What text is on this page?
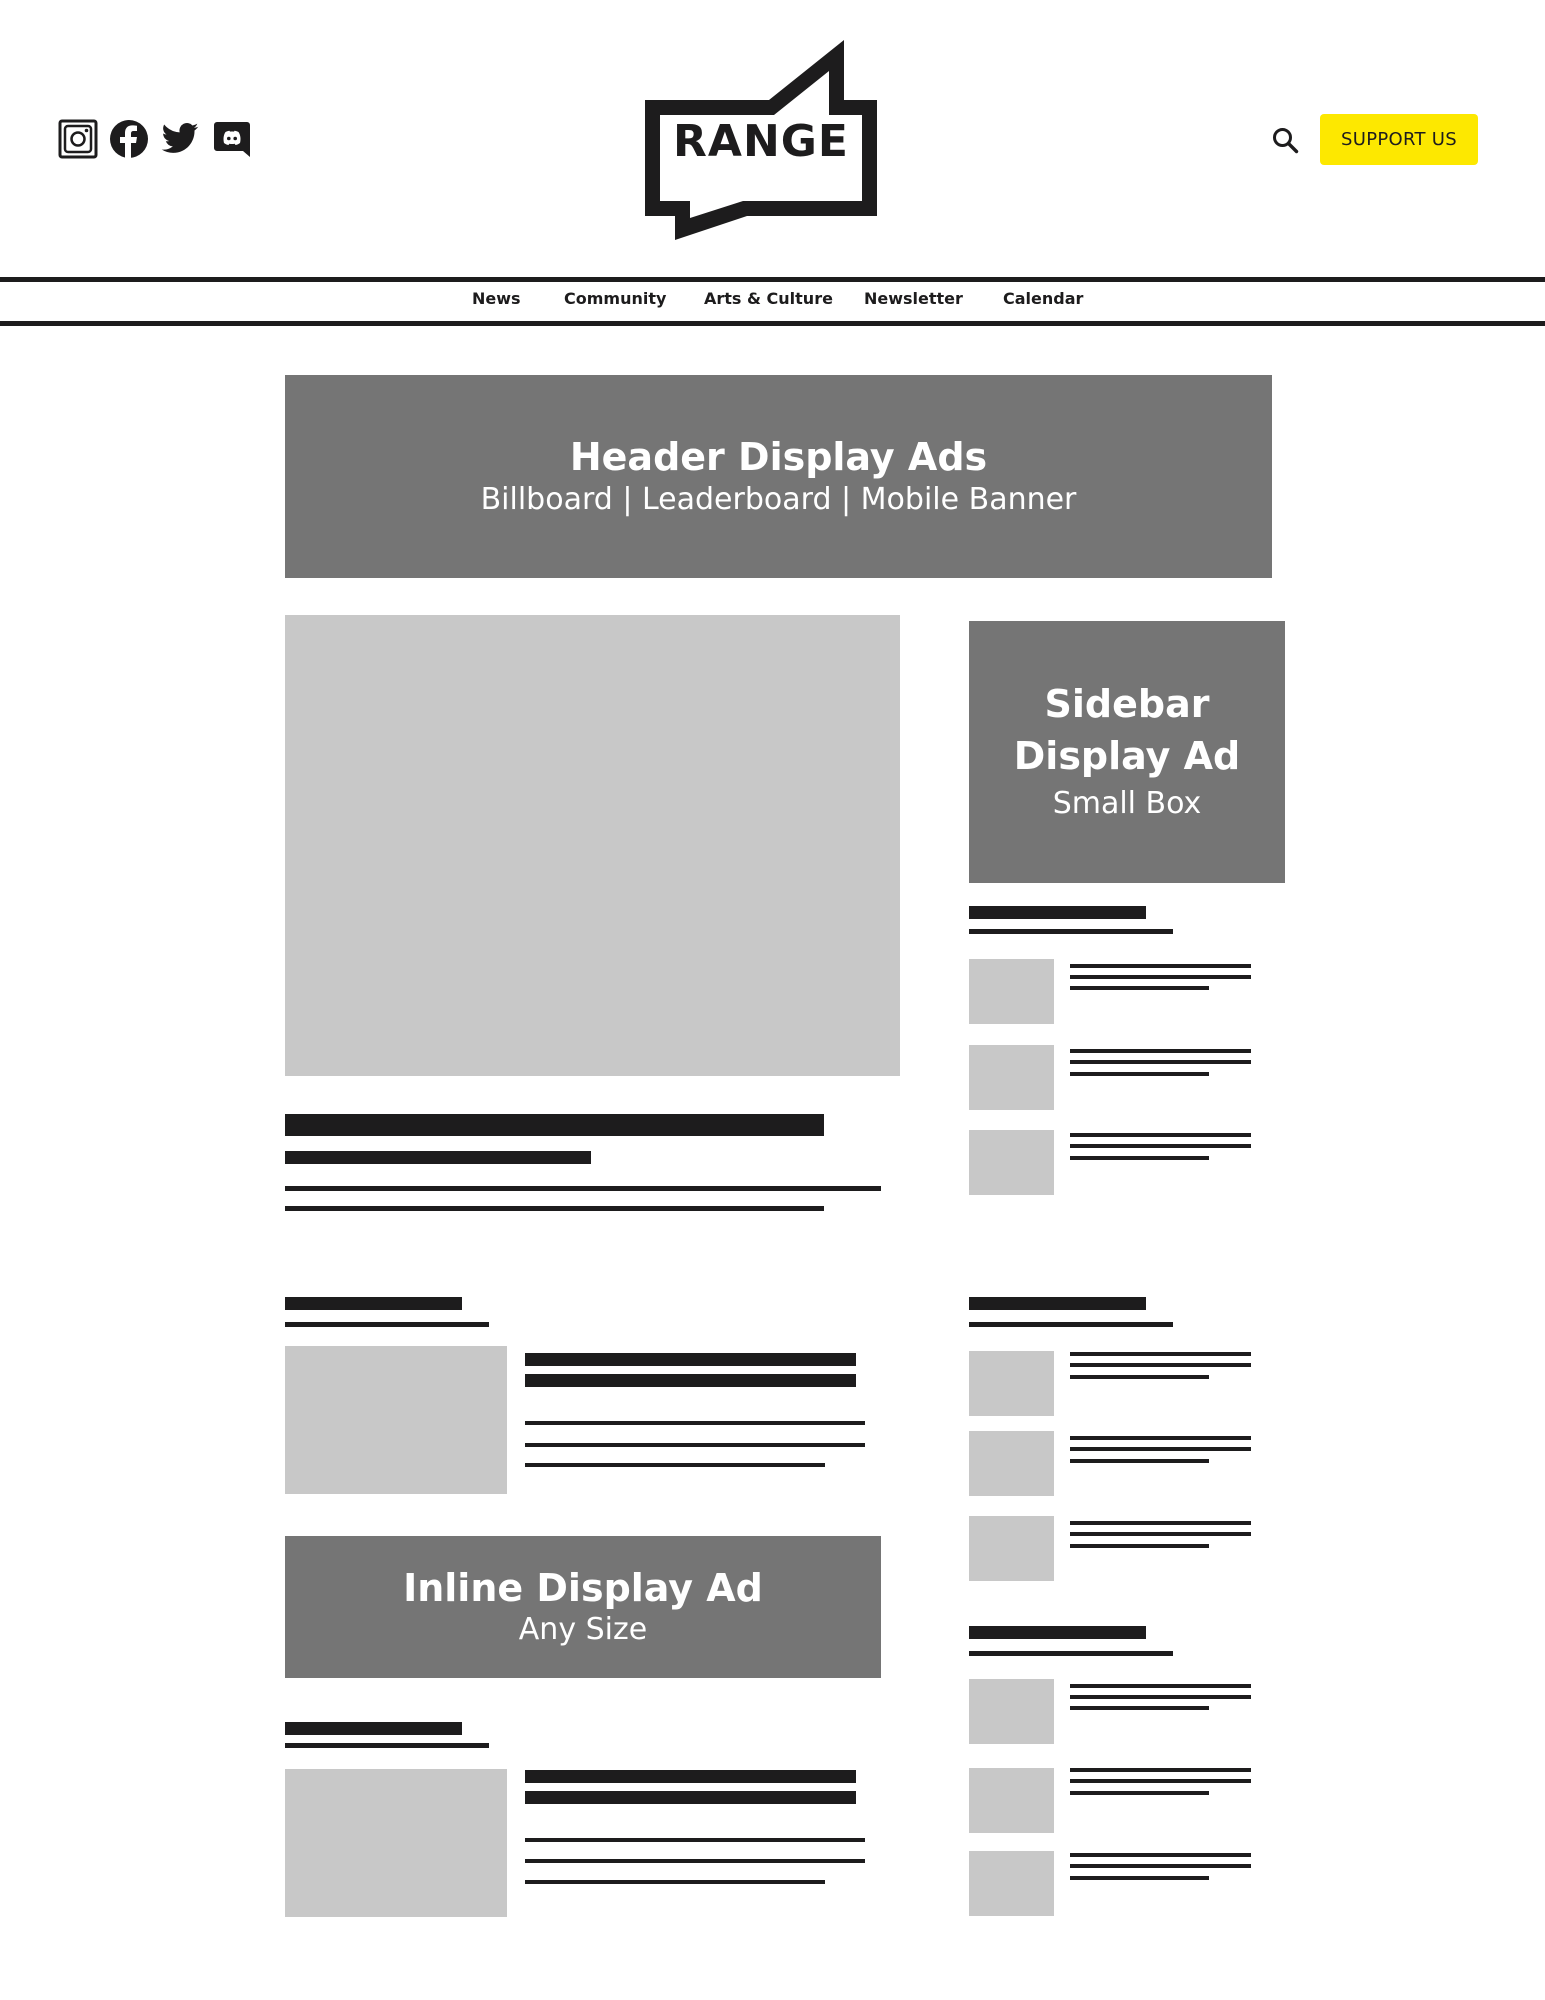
RANGE	SUPPORT US
News	Community Arts & Culture Newsletter	Calendar
Header Display Ads
Billboard | Leaderboard | Mobile Banner
Inline Display Ad
Any Size
Sidebar
Display Ad
Small Box
